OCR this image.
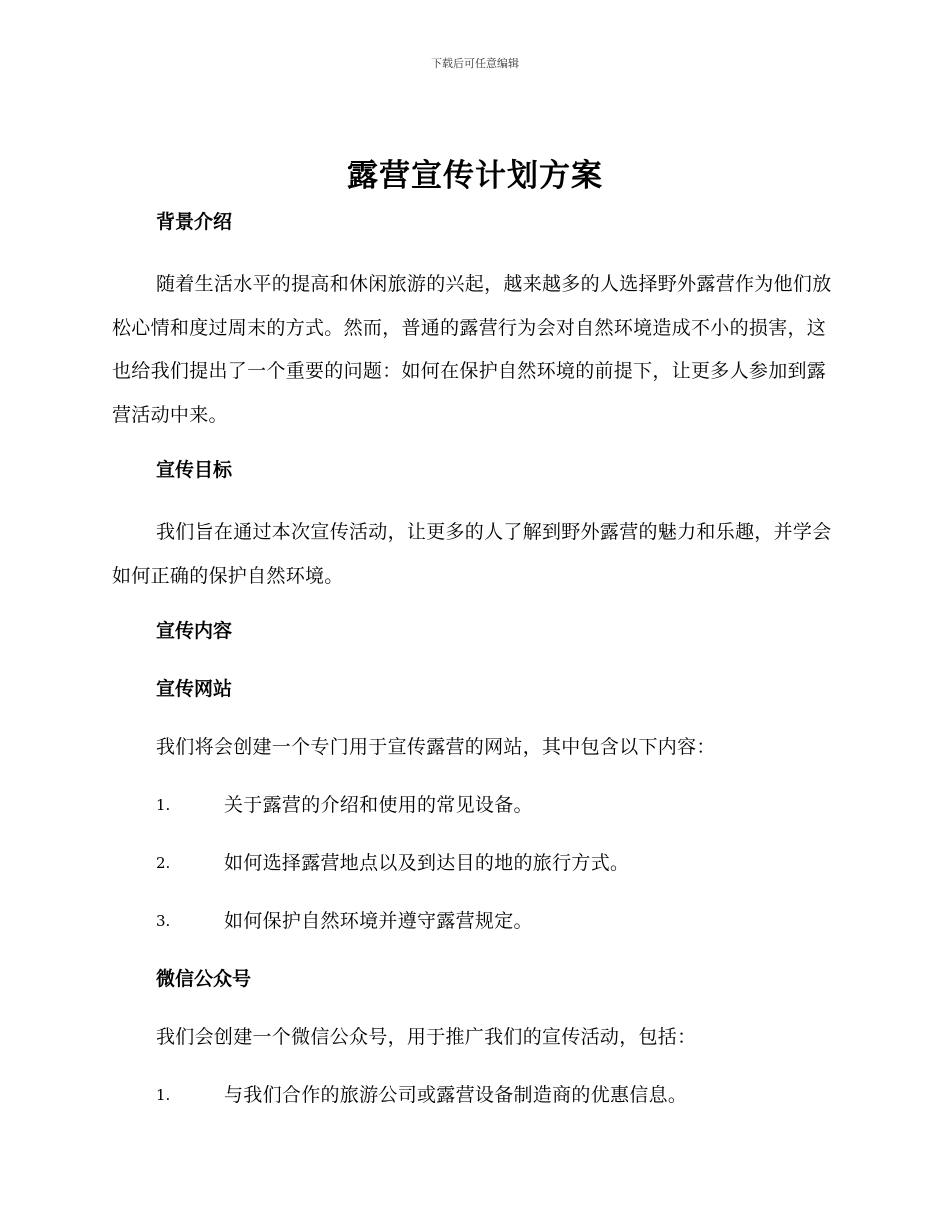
下载后可任意编辑
露营宣传计划方案
背景介绍

随着生活水平的提高和休闲旅游的兴起，越来越多的人选择野外露营作为他们放松心情和度过周末的方式。然而，普通的露营行为会对自然环境造成不小的损害，这也给我们提出了一个重要的问题：如何在保护自然环境的前提下，让更多人参加到露营活动中来。

宣传目标

我们旨在通过本次宣传活动，让更多的人了解到野外露营的魅力和乐趣，并学会如何正确的保护自然环境。

宣传内容
宣传网站

我们将会创建一个专门用于宣传露营的网站，其中包含以下内容：

1.	关于露营的介绍和使用的常见设备。
2.	如何选择露营地点以及到达目的地的旅行方式。
3.	如何保护自然环境并遵守露营规定。
微信公众号

我们会创建一个微信公众号，用于推广我们的宣传活动，包括：

1.	与我们合作的旅游公司或露营设备制造商的优惠信息。
